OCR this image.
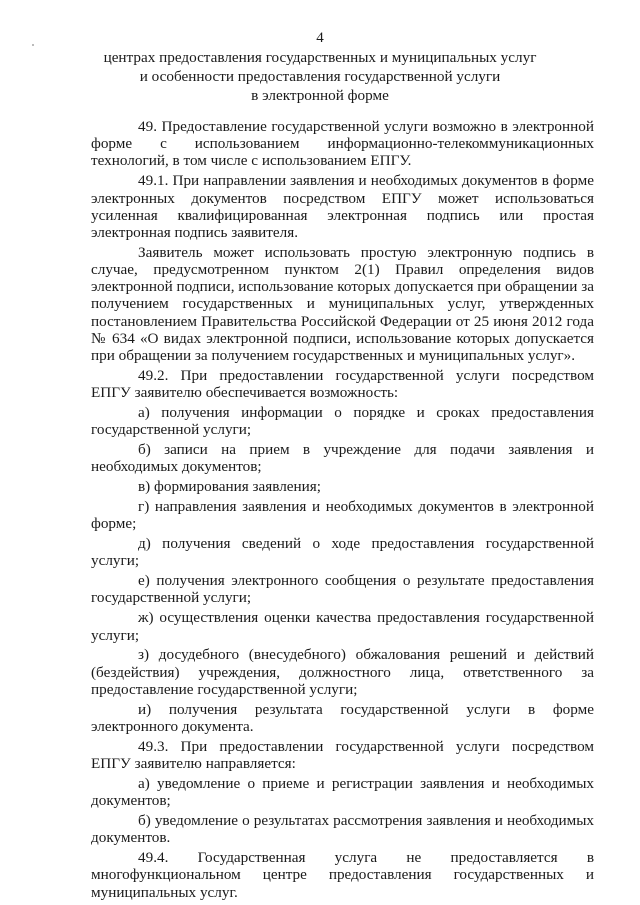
4
центрах предоставления государственных и муниципальных услуг
и особенности предоставления государственной услуги
в электронной форме

49. Предоставление государственной услуги возможно в электронной форме с использованием информационно-телекоммуникационных технологий, в том числе с использованием ЕПГУ.

49.1. При направлении заявления и необходимых документов в форме электронных документов посредством ЕПГУ может использоваться усиленная квалифицированная электронная подпись или простая электронная подпись заявителя.

Заявитель может использовать простую электронную подпись в случае, предусмотренном пунктом 2(1) Правил определения видов электронной подписи, использование которых допускается при обращении за получением государственных и муниципальных услуг, утвержденных постановлением Правительства Российской Федерации от 25 июня 2012 года № 634 «О видах электронной подписи, использование которых допускается при обращении за получением государственных и муниципальных услуг».

49.2. При предоставлении государственной услуги посредством ЕПГУ заявителю обеспечивается возможность:

а) получения информации о порядке и сроках предоставления государственной услуги;

б) записи на прием в учреждение для подачи заявления и необходимых документов;

в) формирования заявления;

г) направления заявления и необходимых документов в электронной форме;

д) получения сведений о ходе предоставления государственной услуги;

е) получения электронного сообщения о результате предоставления государственной услуги;

ж) осуществления оценки качества предоставления государственной услуги;

з) досудебного (внесудебного) обжалования решений и действий (бездействия) учреждения, должностного лица, ответственного за предоставление государственной услуги;

и) получения результата государственной услуги в форме электронного документа.

49.3. При предоставлении государственной услуги посредством ЕПГУ заявителю направляется:

а) уведомление о приеме и регистрации заявления и необходимых документов;

б) уведомление о результатах рассмотрения заявления и необходимых документов.

49.4. Государственная услуга не предоставляется в многофункциональном центре предоставления государственных и муниципальных услуг.
